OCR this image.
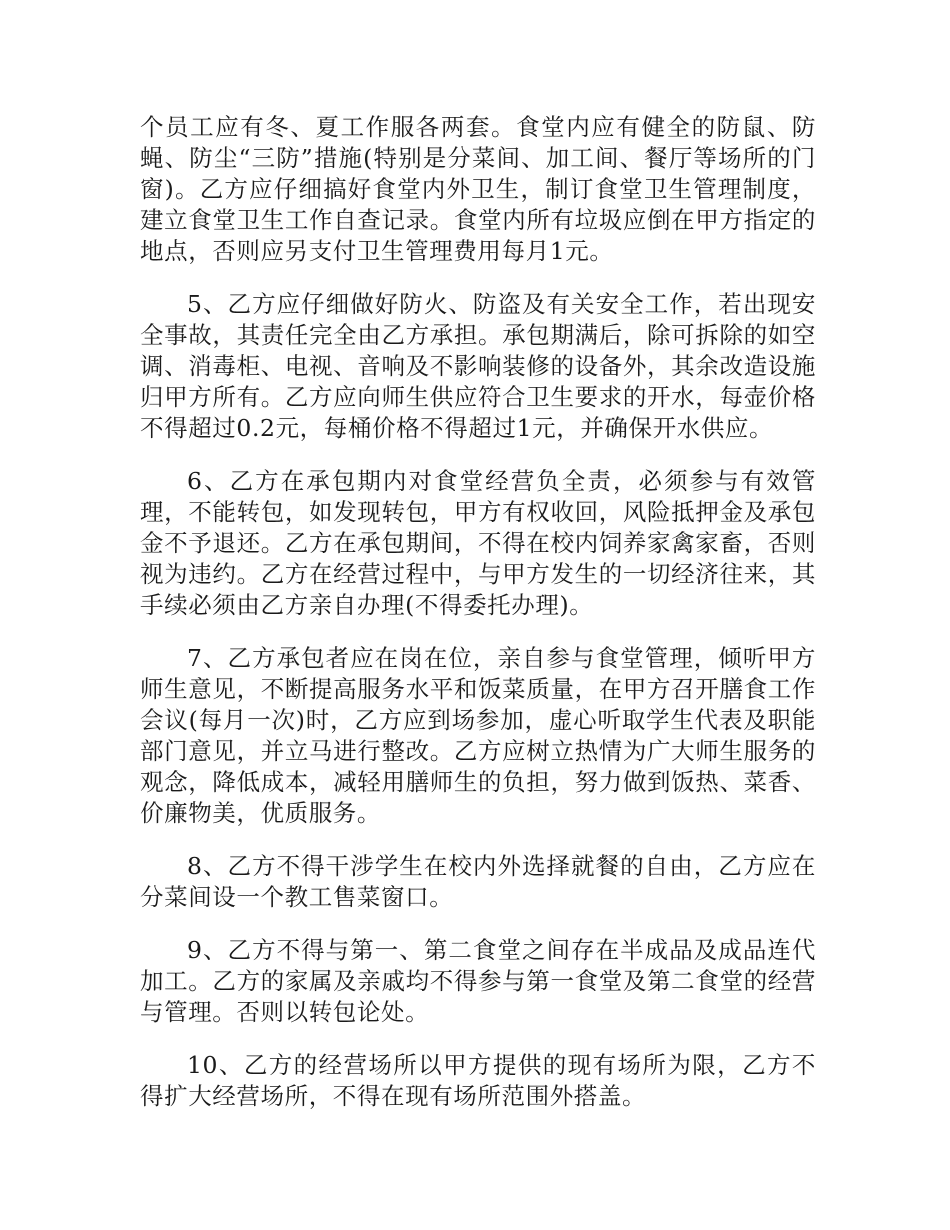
个员工应有冬、夏工作服各两套。食堂内应有健全的防鼠、防蝇、防尘“三防”措施(特别是分菜间、加工间、餐厅等场所的门窗)。乙方应仔细搞好食堂内外卫生，制订食堂卫生管理制度，建立食堂卫生工作自查记录。食堂内所有垃圾应倒在甲方指定的地点，否则应另支付卫生管理费用每月1元。

5、乙方应仔细做好防火、防盗及有关安全工作，若出现安全事故，其责任完全由乙方承担。承包期满后，除可拆除的如空调、消毒柜、电视、音响及不影响装修的设备外，其余改造设施归甲方所有。乙方应向师生供应符合卫生要求的开水，每壶价格不得超过0.2元，每桶价格不得超过1元，并确保开水供应。

6、乙方在承包期内对食堂经营负全责，必须参与有效管理，不能转包，如发现转包，甲方有权收回，风险抵押金及承包金不予退还。乙方在承包期间，不得在校内饲养家禽家畜，否则视为违约。乙方在经营过程中，与甲方发生的一切经济往来，其手续必须由乙方亲自办理(不得委托办理)。

7、乙方承包者应在岗在位，亲自参与食堂管理，倾听甲方师生意见，不断提高服务水平和饭菜质量，在甲方召开膳食工作会议(每月一次)时，乙方应到场参加，虚心听取学生代表及职能部门意见，并立马进行整改。乙方应树立热情为广大师生服务的观念，降低成本，减轻用膳师生的负担，努力做到饭热、菜香、价廉物美，优质服务。

8、乙方不得干涉学生在校内外选择就餐的自由，乙方应在分菜间设一个教工售菜窗口。

9、乙方不得与第一、第二食堂之间存在半成品及成品连代加工。乙方的家属及亲戚均不得参与第一食堂及第二食堂的经营与管理。否则以转包论处。

10、乙方的经营场所以甲方提供的现有场所为限，乙方不得扩大经营场所，不得在现有场所范围外搭盖。
